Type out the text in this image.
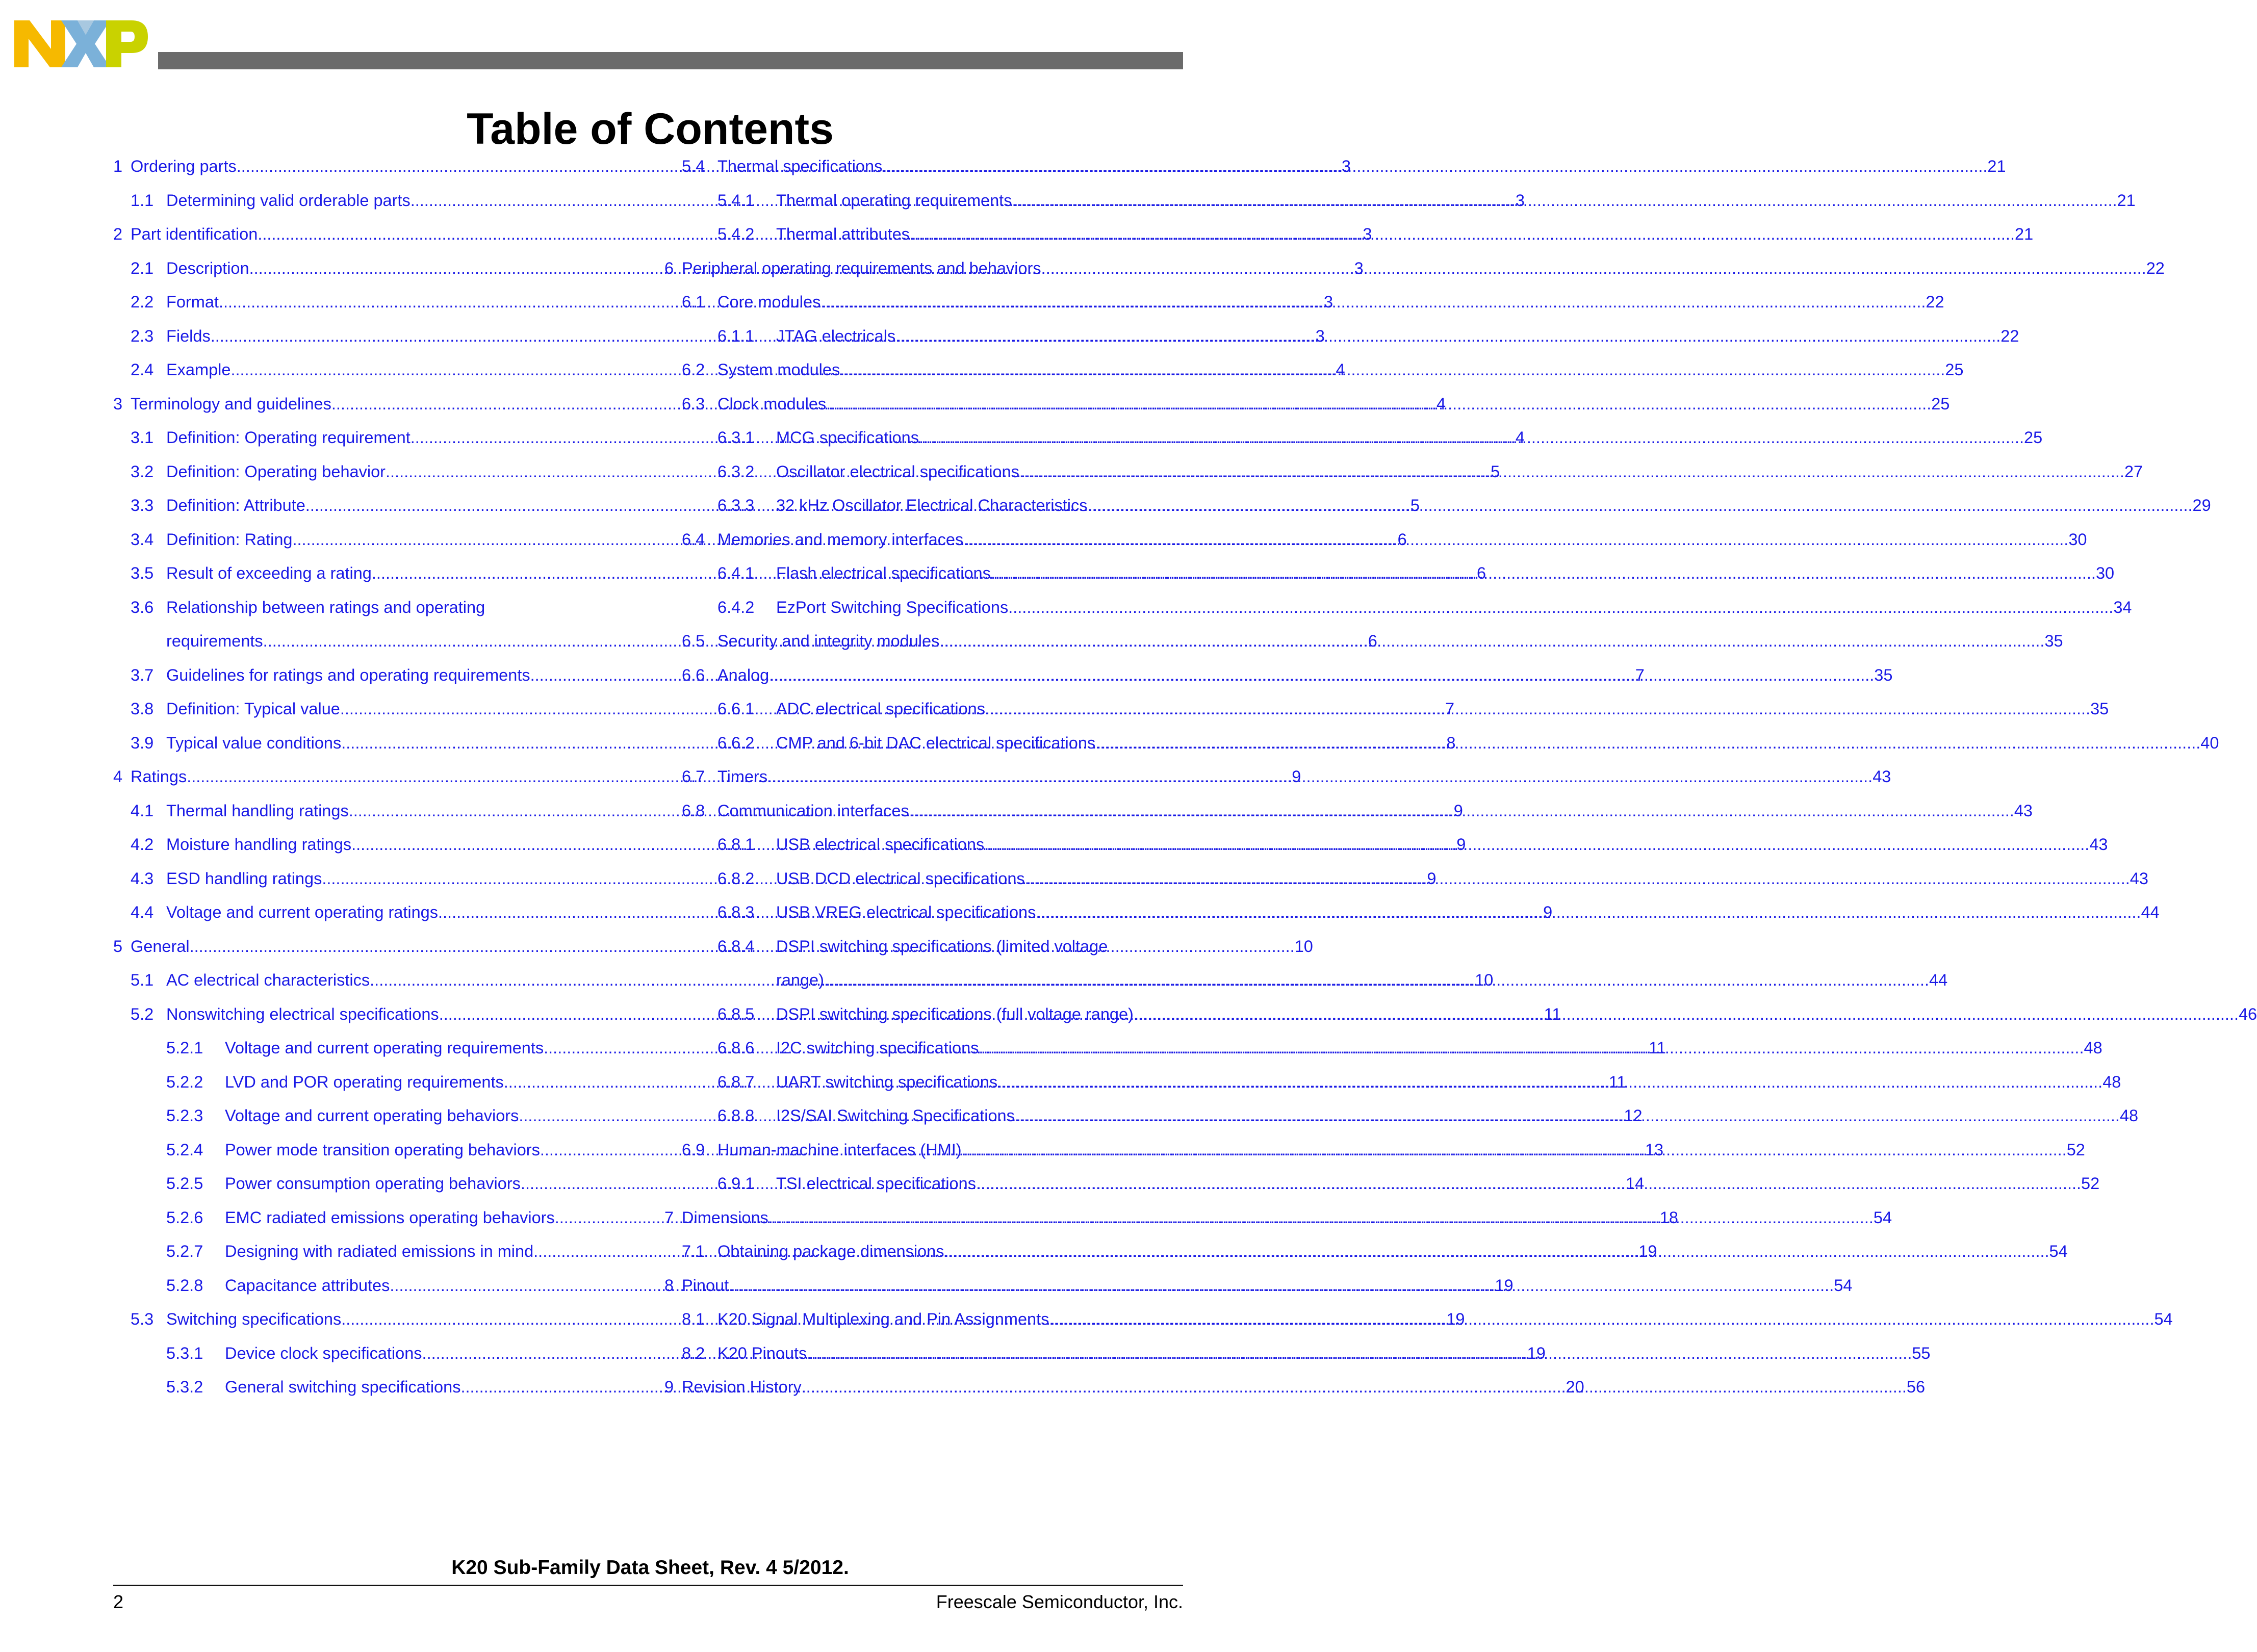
Table of Contents
1 Ordering parts .....	3
1.1 Determining valid orderable parts .....	3
2 Part identification .....	3
2.1 Description .....	3
2.2 Format .....	3
2.3 Fields .....	3
2.4 Example .....	4
3 Terminology and guidelines .....	4
3.1 Definition: Operating requirement .....	4
3.2 Definition: Operating behavior .....	5
3.3 Definition: Attribute .....	5
3.4 Definition: Rating .....	6
3.5 Result of exceeding a rating .....	6
3.6 Relationship between ratings and operating
requirements .....	6
3.7 Guidelines for ratings and operating requirements .....	7
3.8 Definition: Typical value .....	7
3.9 Typical value conditions .....	8
4 Ratings .....	9
4.1 Thermal handling ratings .....	9
4.2 Moisture handling ratings .....	9
4.3 ESD handling ratings .....	9
4.4 Voltage and current operating ratings .....	9
5 General .....	10
5.1 AC electrical characteristics .....	10
5.2 Nonswitching electrical specifications .....	11
5.2.1	Voltage and current operating requirements .....	11
5.2.2	LVD and POR operating requirements .....	11
5.2.3	Voltage and current operating behaviors .....	12
5.2.4	Power mode transition operating behaviors .....	13
5.2.5	Power consumption operating behaviors .....	14
5.2.6	EMC radiated emissions operating behaviors .....	18
5.2.7	Designing with radiated emissions in mind .....	19
5.2.8	Capacitance attributes .....	19
5.3 Switching specifications .....	19
5.3.1	Device clock specifications .....	19
5.3.2	General switching specifications .....	20
5.4 Thermal specifications .....	21
5.4.1	Thermal operating requirements .....	21
5.4.2	Thermal attributes .....	21
6 Peripheral operating requirements and behaviors .....	22
6.1 Core modules .....	22
6.1.1	JTAG electricals .....	22
6.2 System modules .....	25
6.3 Clock modules .....	25
6.3.1	MCG specifications .....	25
6.3.2	Oscillator electrical specifications .....	27
6.3.3	32 kHz Oscillator Electrical Characteristics .....	29
6.4 Memories and memory interfaces .....	30
6.4.1	Flash electrical specifications .....	30
6.4.2	EzPort Switching Specifications .....	34
6.5 Security and integrity modules .....	35
6.6 Analog .....	35
6.6.1	ADC electrical specifications .....	35
6.6.2	CMP and 6-bit DAC electrical specifications .....	40
6.7 Timers .....	43
6.8 Communication interfaces .....	43
6.8.1	USB electrical specifications .....	43
6.8.2	USB DCD electrical specifications .....	43
6.8.3	USB VREG electrical specifications .....	44
6.8.4	DSPI switching specifications (limited voltage
range) .....	44
6.8.5	DSPI switching specifications (full voltage range) .....	46
6.8.6	I2C switching specifications .....	48
6.8.7	UART switching specifications .....	48
6.8.8	I2S/SAI Switching Specifications .....	48
6.9 Human-machine interfaces (HMI) .....	52
6.9.1	TSI electrical specifications .....	52
7 Dimensions .....	54
7.1 Obtaining package dimensions .....	54
8 Pinout .....	54
8.1 K20 Signal Multiplexing and Pin Assignments .....	54
8.2 K20 Pinouts .....	55
9 Revision History .....	56
K20 Sub-Family Data Sheet, Rev. 4 5/2012.
2	Freescale Semiconductor, Inc.
